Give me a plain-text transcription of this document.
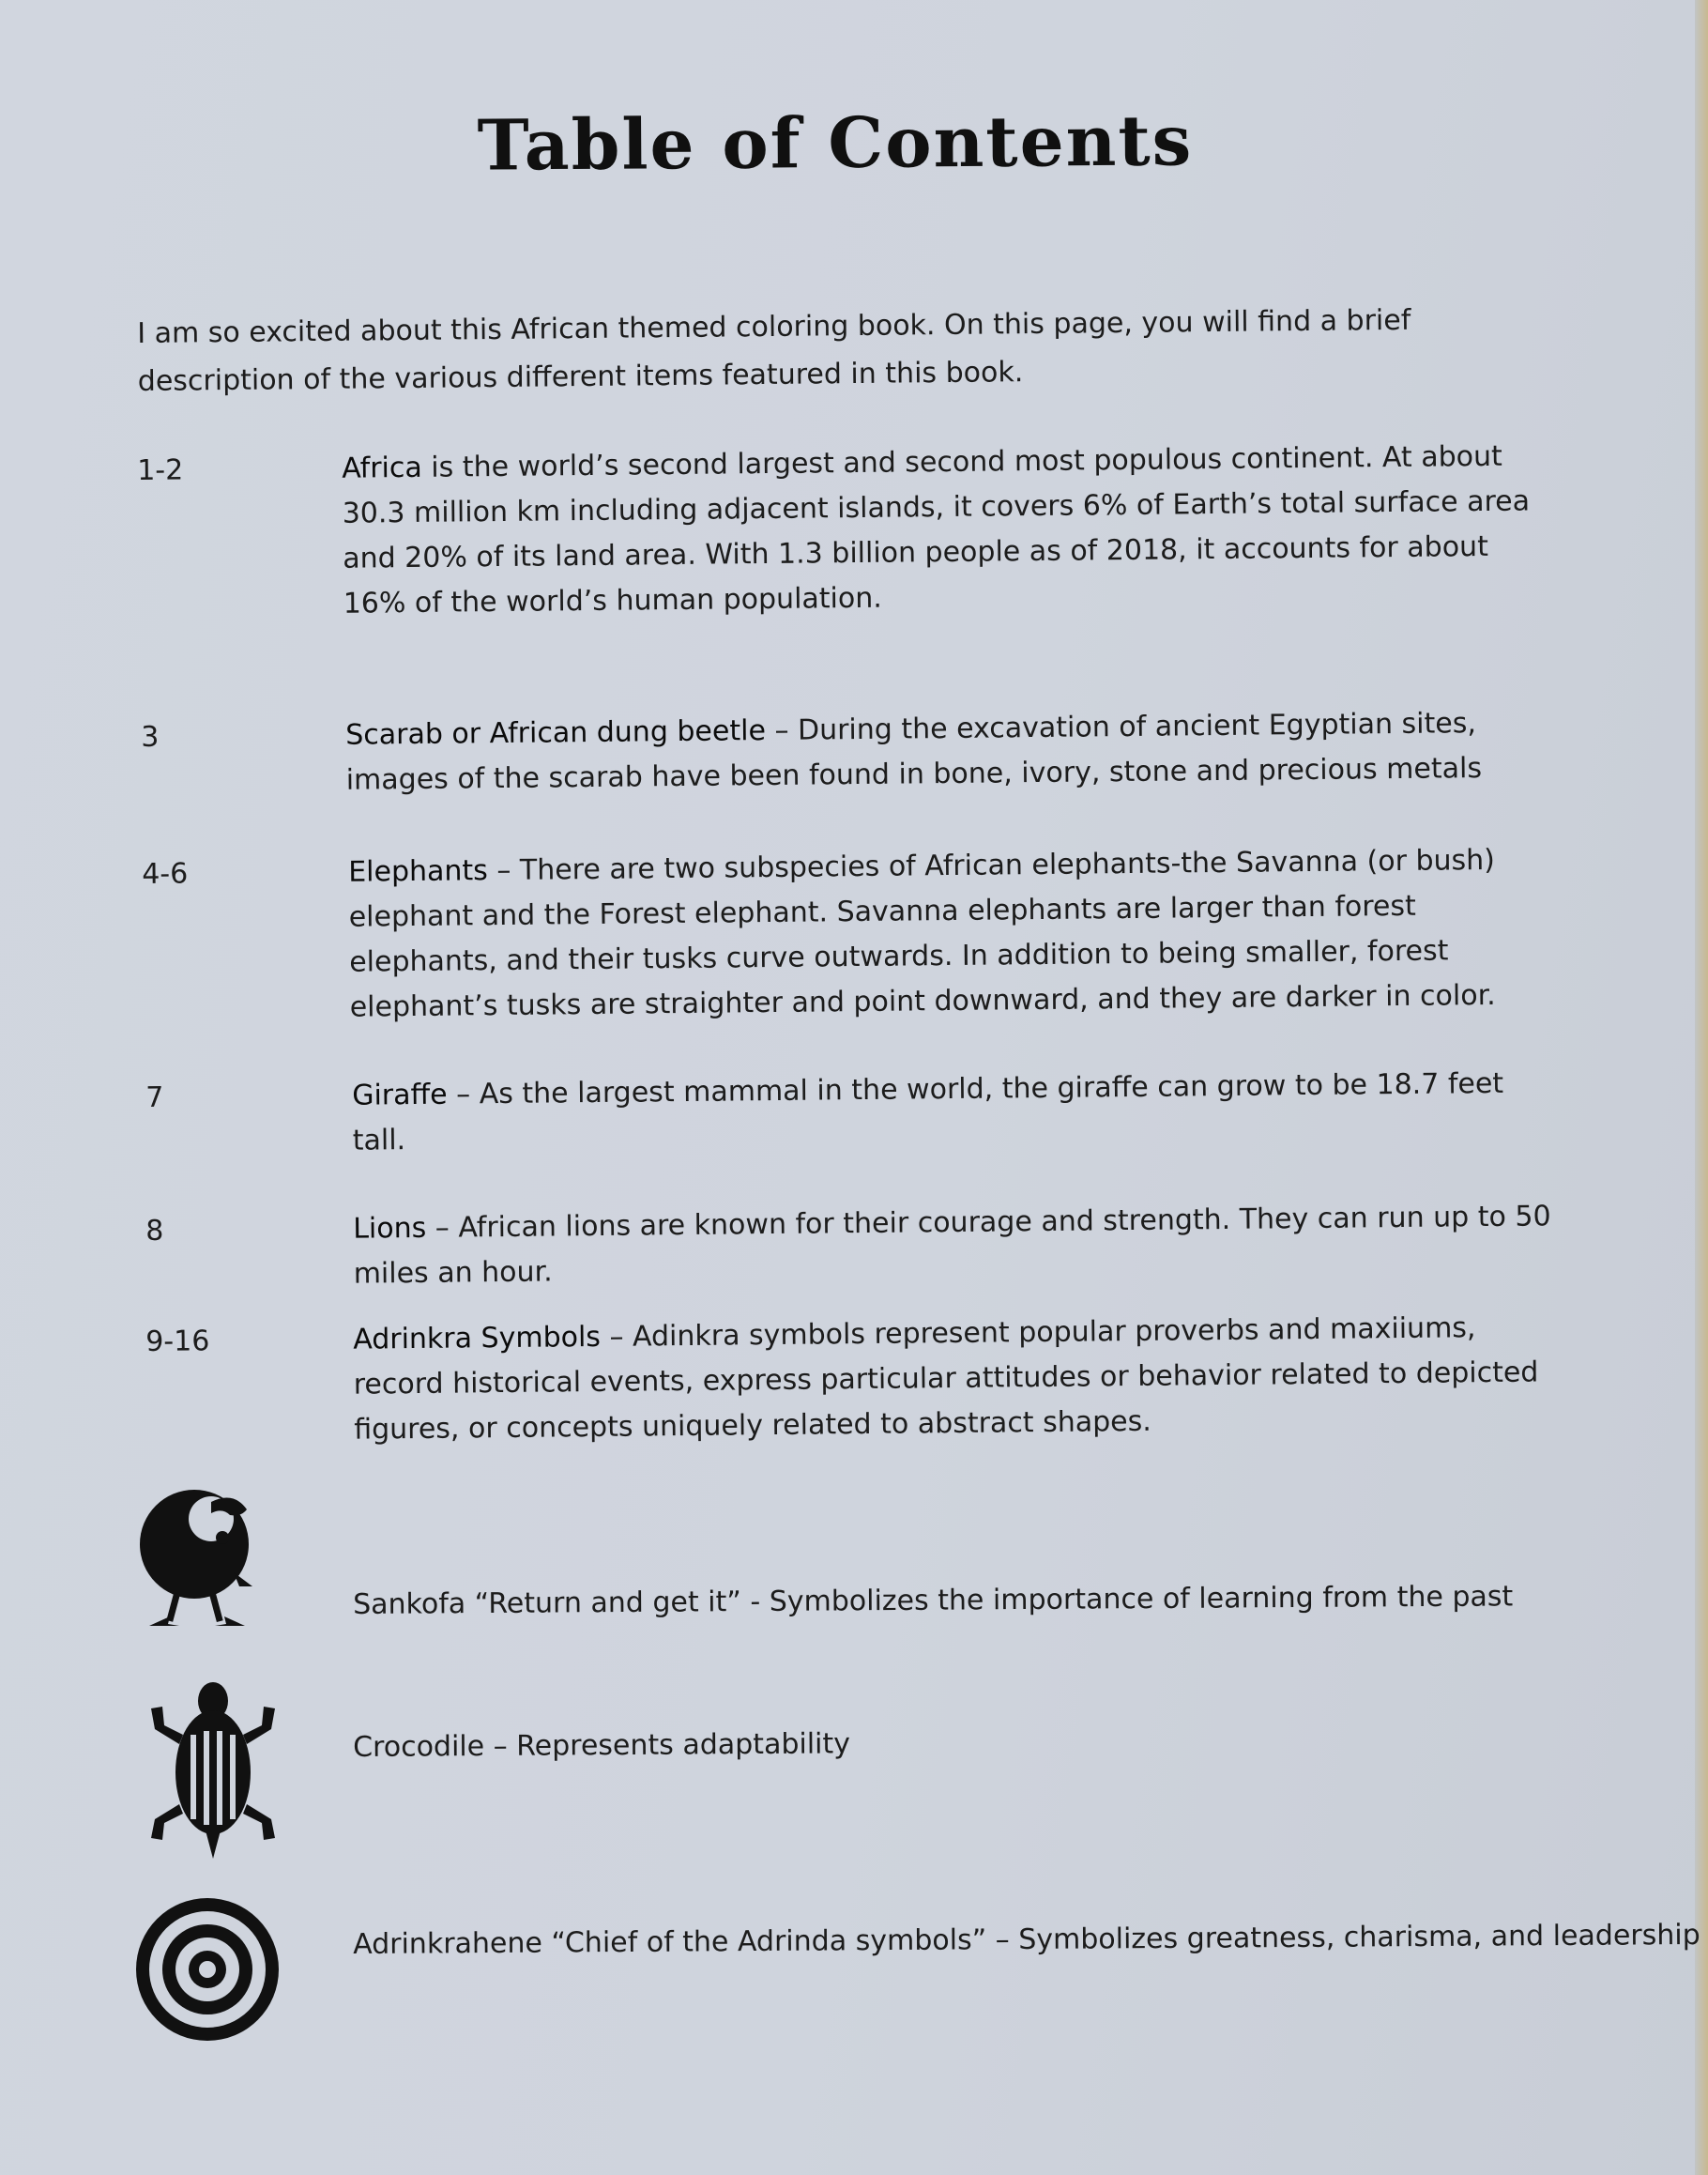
Table of Contents
I am so excited about this African themed coloring book. On this page, you will find a brief description of the various different items featured in this book.
1-2	Africa is the world’s second largest and second most populous continent. At about 30.3 million km including adjacent islands, it covers 6% of Earth’s total surface area and 20% of its land area. With 1.3 billion people as of 2018, it accounts for about 16% of the world’s human population.
3	Scarab or African dung beetle – During the excavation of ancient Egyptian sites, images of the scarab have been found in bone, ivory, stone and precious metals
4-6	Elephants – There are two subspecies of African elephants-the Savanna (or bush) elephant and the Forest elephant. Savanna elephants are larger than forest elephants, and their tusks curve outwards. In addition to being smaller, forest elephant’s tusks are straighter and point downward, and they are darker in color.
7	Giraffe – As the largest mammal in the world, the giraffe can grow to be 18.7 feet tall.
8	Lions – African lions are known for their courage and strength. They can run up to 50 miles an hour.
9-16	Adrinkra Symbols – Adinkra symbols represent popular proverbs and maxiiums, record historical events, express particular attitudes or behavior related to depicted figures, or concepts uniquely related to abstract shapes.
Sankofa “Return and get it” - Symbolizes the importance of learning from the past
Crocodile – Represents adaptability
Adrinkrahene “Chief of the Adrinda symbols” – Symbolizes greatness, charisma, and leadership
